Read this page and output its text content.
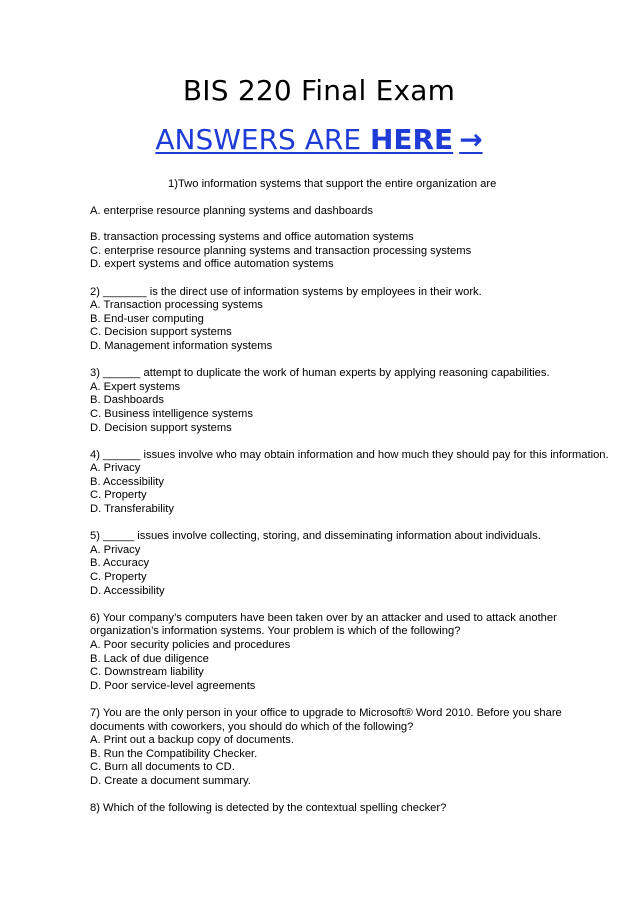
BIS 220 Final Exam
ANSWERS ARE HERE →
1)Two information systems that support the entire organization are
A. enterprise resource planning systems and dashboards
B. transaction processing systems and office automation systems
C. enterprise resource planning systems and transaction processing systems
D. expert systems and office automation systems
2) _______ is the direct use of information systems by employees in their work.
A. Transaction processing systems
B. End-user computing
C. Decision support systems
D. Management information systems
3) ______ attempt to duplicate the work of human experts by applying reasoning capabilities.
A. Expert systems
B. Dashboards
C. Business intelligence systems
D. Decision support systems
4) ______ issues involve who may obtain information and how much they should pay for this information.
A. Privacy
B. Accessibility
C. Property
D. Transferability
5) _____ issues involve collecting, storing, and disseminating information about individuals.
A. Privacy
B. Accuracy
C. Property
D. Accessibility
6) Your company’s computers have been taken over by an attacker and used to attack another organization’s information systems. Your problem is which of the following?
A. Poor security policies and procedures
B. Lack of due diligence
C. Downstream liability
D. Poor service-level agreements
7) You are the only person in your office to upgrade to Microsoft® Word 2010. Before you share documents with coworkers, you should do which of the following?
A. Print out a backup copy of documents.
B. Run the Compatibility Checker.
C. Burn all documents to CD.
D. Create a document summary.
8) Which of the following is detected by the contextual spelling checker?
